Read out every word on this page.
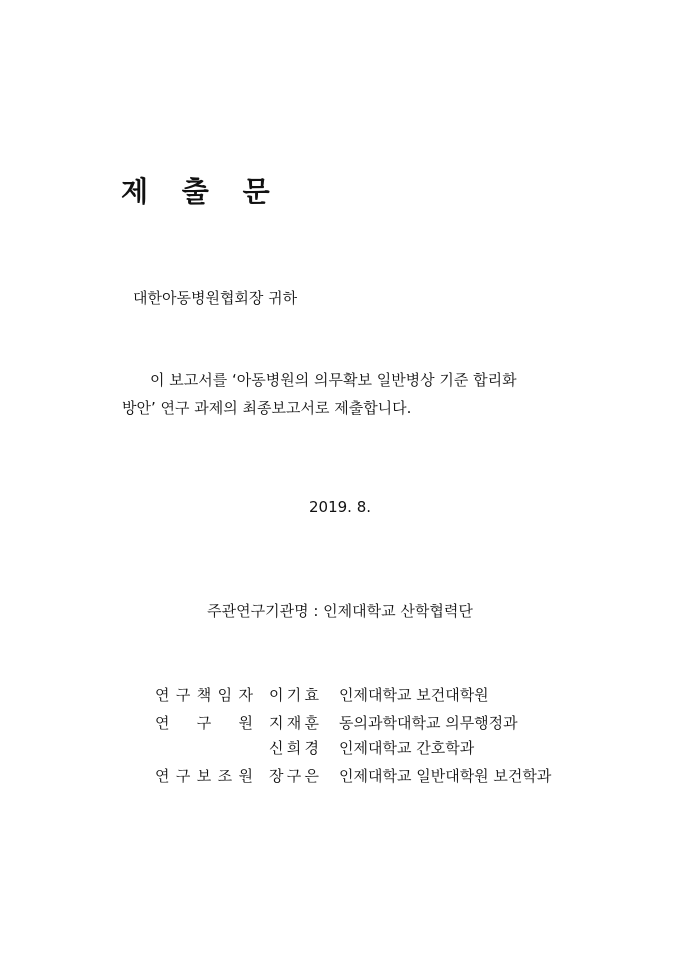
제 출 문
대한아동병원협회장 귀하
이 보고서를 ‘아동병원의 의무확보 일반병상 기준 합리화
방안’ 연구 과제의 최종보고서로 제출합니다.
2019. 8.
주관연구기관명 : 인제대학교 산학협력단
연 구 책 임 자 이 기 효 인제대학교 보건대학원
연 구 원 지 재 훈 동의과학대학교 의무행정과
신 희 경 인제대학교 간호학과
연 구 보 조 원 장 구 은 인제대학교 일반대학원 보건학과
